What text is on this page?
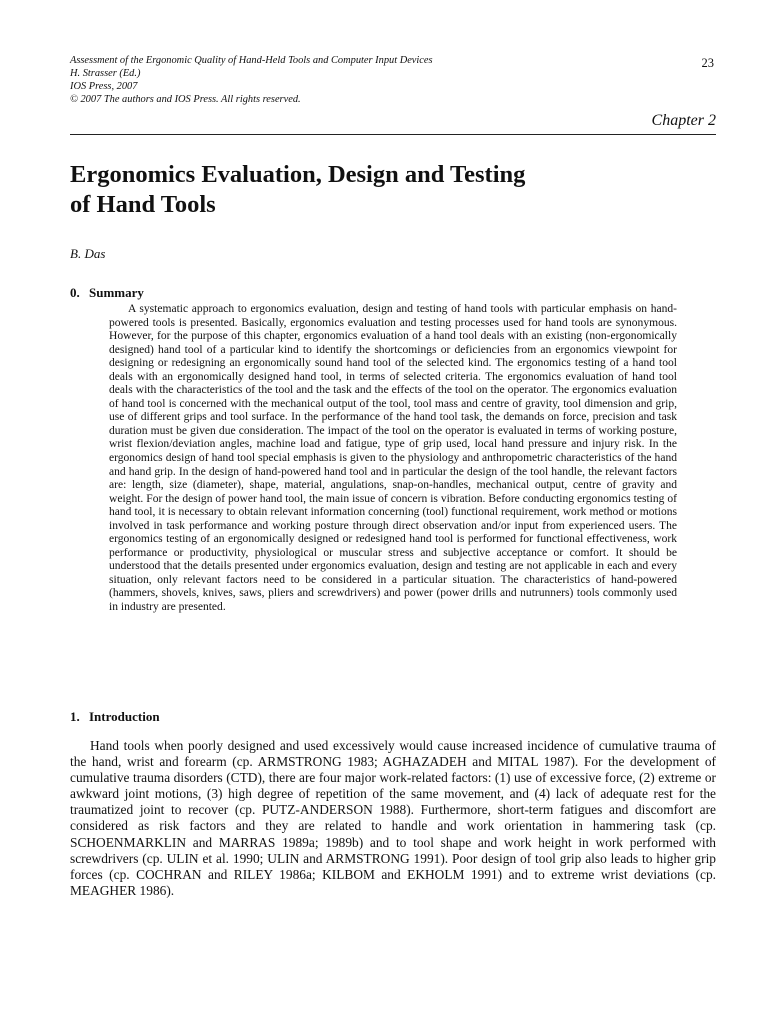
Assessment of the Ergonomic Quality of Hand-Held Tools and Computer Input Devices
H. Strasser (Ed.)
IOS Press, 2007
© 2007 The authors and IOS Press. All rights reserved.
23
Chapter 2
Ergonomics Evaluation, Design and Testing
of Hand Tools
B. Das
0. Summary

A systematic approach to ergonomics evaluation, design and testing of hand tools with particular emphasis on hand-powered tools is presented. Basically, ergonomics evaluation and testing processes used for hand tools are synonymous. However, for the purpose of this chapter, ergonomics evaluation of a hand tool deals with an existing (non-ergonomically designed) hand tool of a particular kind to identify the shortcomings or deficiencies from an ergonomics viewpoint for designing or redesigning an ergonomically sound hand tool of the selected kind. The ergonomics testing of a hand tool deals with an ergonomically designed hand tool, in terms of selected criteria. The ergonomics evaluation of hand tool deals with the characteristics of the tool and the task and the effects of the tool on the operator. The ergonomics evaluation of hand tool is concerned with the mechanical output of the tool, tool mass and centre of gravity, tool dimension and grip, use of different grips and tool surface. In the performance of the hand tool task, the demands on force, precision and task duration must be given due consideration. The impact of the tool on the operator is evaluated in terms of working posture, wrist flexion/deviation angles, machine load and fatigue, type of grip used, local hand pressure and injury risk. In the ergonomics design of hand tool special emphasis is given to the physiology and anthropometric characteristics of the hand and hand grip. In the design of hand-powered hand tool and in particular the design of the tool handle, the relevant factors are: length, size (diameter), shape, material, angulations, snap-on-handles, mechanical output, centre of gravity and weight. For the design of power hand tool, the main issue of concern is vibration. Before conducting ergonomics testing of hand tool, it is necessary to obtain relevant information concerning (tool) functional requirement, work method or motions involved in task performance and working posture through direct observation and/or input from experienced users. The ergonomics testing of an ergonomically designed or redesigned hand tool is performed for functional effectiveness, work performance or productivity, physiological or muscular stress and subjective acceptance or comfort. It should be understood that the details presented under ergonomics evaluation, design and testing are not applicable in each and every situation, only relevant factors need to be considered in a particular situation. The characteristics of hand-powered (hammers, shovels, knives, saws, pliers and screwdrivers) and power (power drills and nutrunners) tools commonly used in industry are presented.

1. Introduction

Hand tools when poorly designed and used excessively would cause increased incidence of cumulative trauma of the hand, wrist and forearm (cp. ARMSTRONG 1983; AGHAZADEH and MITAL 1987). For the development of cumulative trauma disorders (CTD), there are four major work-related factors: (1) use of excessive force, (2) extreme or awkward joint motions, (3) high degree of repetition of the same movement, and (4) lack of adequate rest for the traumatized joint to recover (cp. PUTZ-ANDERSON 1988). Furthermore, short-term fatigues and discomfort are considered as risk factors and they are related to handle and work orientation in hammering task (cp. SCHOENMARKLIN and MARRAS 1989a; 1989b) and to tool shape and work height in work performed with screwdrivers (cp. ULIN et al. 1990; ULIN and ARMSTRONG 1991). Poor design of tool grip also leads to higher grip forces (cp. COCHRAN and RILEY 1986a; KILBOM and EKHOLM 1991) and to extreme wrist deviations (cp. MEAGHER 1986).
